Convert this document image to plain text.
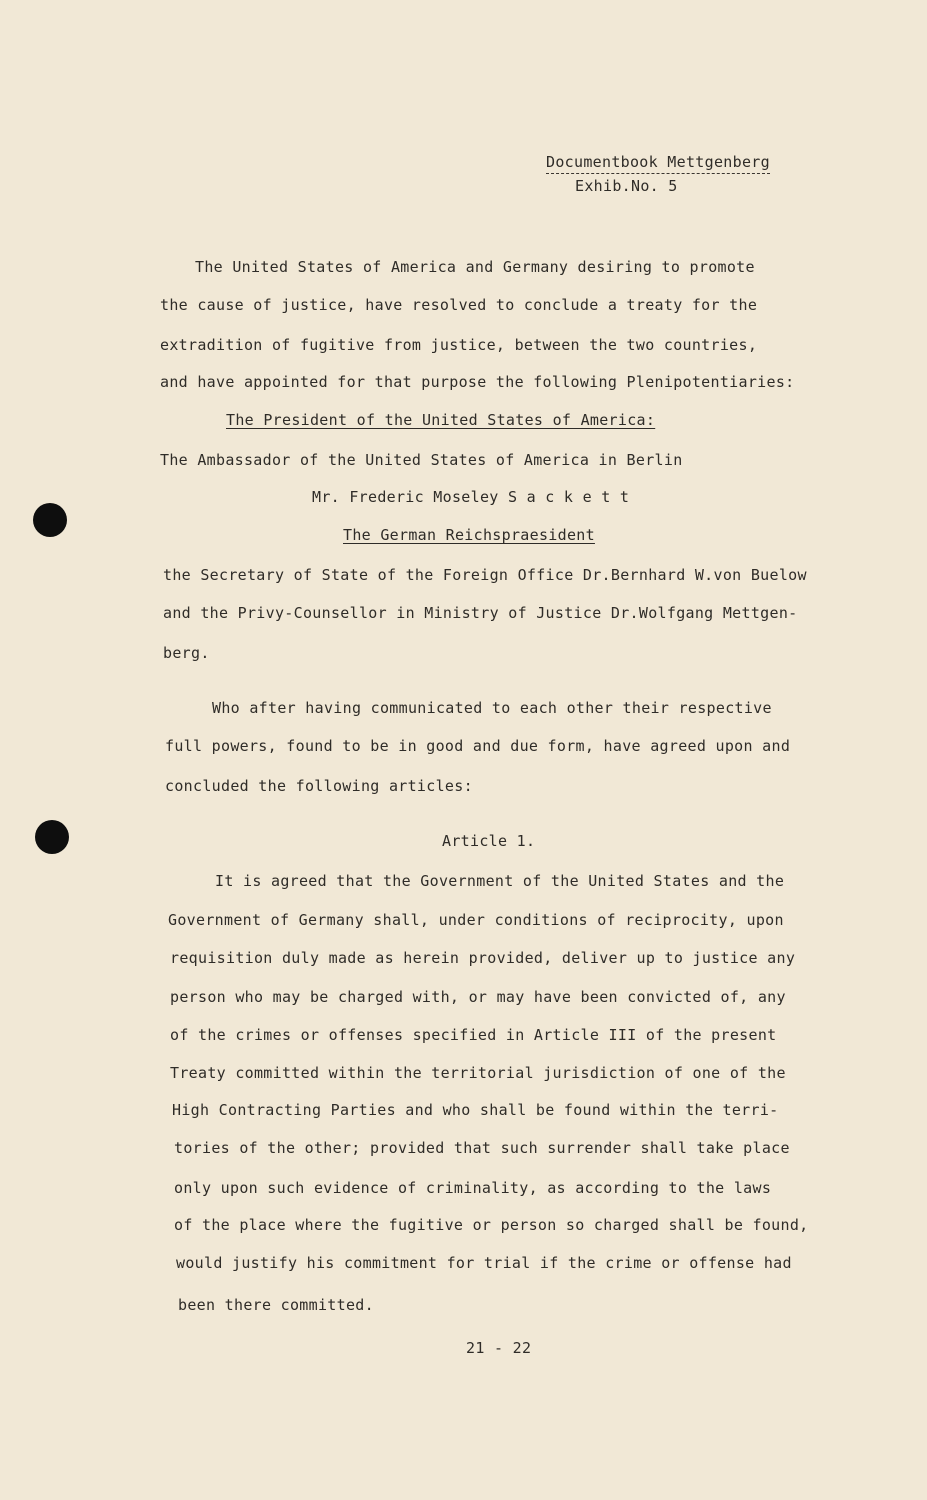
Documentbook Mettgenberg
Exhib.No. 5
The United States of America and Germany desiring to promote
the cause of justice, have resolved to conclude a treaty for the
extradition of fugitive from justice, between the two countries,
and have appointed for that purpose the following Plenipotentiaries:
The President of the United States of America:
The Ambassador of the United States of America in Berlin
Mr. Frederic Moseley S a c k e t t
The German Reichspraesident
the Secretary of State of the Foreign Office Dr.Bernhard W.von Buelow
and the Privy-Counsellor in Ministry of Justice Dr.Wolfgang Mettgen-
berg.
Who after having communicated to each other their respective
full powers, found to be in good and due form, have agreed upon and
concluded the following articles:
Article 1.
It is agreed that the Government of the United States and the
Government of Germany shall, under conditions of reciprocity, upon
requisition duly made as herein provided, deliver up to justice any
person who may be charged with, or may have been convicted of, any
of the crimes or offenses specified in Article III of the present
Treaty committed within the territorial jurisdiction of one of the
High Contracting Parties and who shall be found within the terri-
tories of the other; provided that such surrender shall take place
only upon such evidence of criminality, as according to the laws
of the place where the fugitive or person so charged shall be found,
would justify his commitment for trial if the crime or offense had
been there committed.
21 - 22
